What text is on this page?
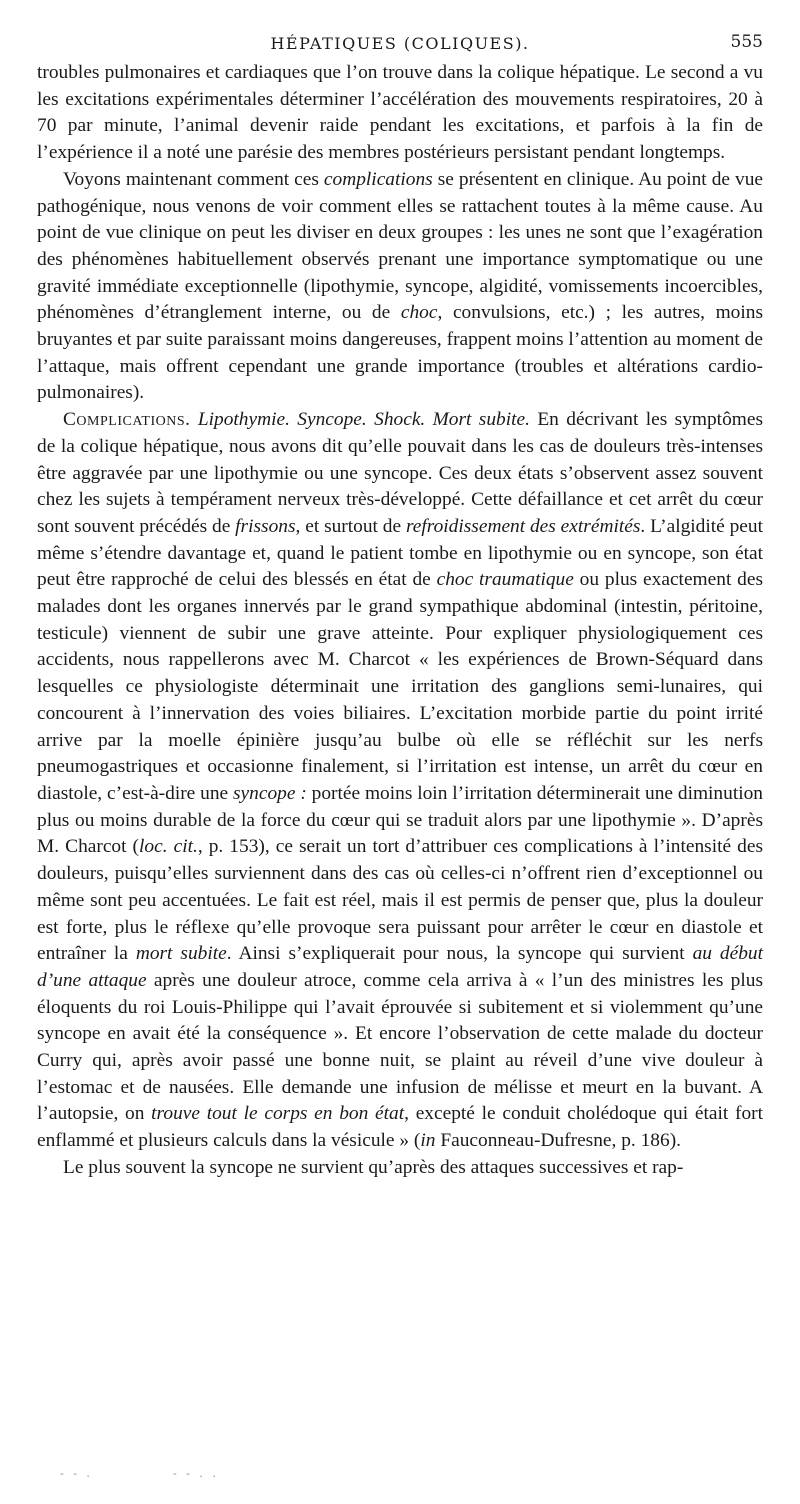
HÉPATIQUES (COLIQUES).	555

troubles pulmonaires et cardiaques que l’on trouve dans la colique hépatique. Le second a vu les excitations expérimentales déterminer l’accélération des mouvements respiratoires, 20 à 70 par minute, l’animal devenir raide pendant les excitations, et parfois à la fin de l’expérience il a noté une parésie des membres postérieurs persistant pendant longtemps.

Voyons maintenant comment ces complications se présentent en clinique. Au point de vue pathogénique, nous venons de voir comment elles se rattachent toutes à la même cause. Au point de vue clinique on peut les diviser en deux groupes : les unes ne sont que l’exagération des phénomènes habituellement observés prenant une importance symptomatique ou une gravité immédiate exceptionnelle (lipothymie, syncope, algidité, vomissements incoercibles, phénomènes d’étranglement interne, ou de choc, convulsions, etc.) ; les autres, moins bruyantes et par suite paraissant moins dangereuses, frappent moins l’attention au moment de l’attaque, mais offrent cependant une grande importance (troubles et altérations cardio-pulmonaires).

Complications. Lipothymie. Syncope. Shock. Mort subite. En décrivant les symptômes de la colique hépatique, nous avons dit qu’elle pouvait dans les cas de douleurs très-intenses être aggravée par une lipothymie ou une syncope. Ces deux états s’observent assez souvent chez les sujets à tempérament nerveux très-développé. Cette défaillance et cet arrêt du cœur sont souvent précédés de frissons, et surtout de refroidissement des extrémités. L’algidité peut même s’étendre davantage et, quand le patient tombe en lipothymie ou en syncope, son état peut être rapproché de celui des blessés en état de choc traumatique ou plus exactement des malades dont les organes innervés par le grand sympathique abdominal (intestin, péritoine, testicule) viennent de subir une grave atteinte. Pour expliquer physiologiquement ces accidents, nous rappellerons avec M. Charcot « les expériences de Brown-Séquard dans lesquelles ce physiologiste déterminait une irritation des ganglions semi-lunaires, qui concourent à l’innervation des voies biliaires. L’excitation morbide partie du point irrité arrive par la moelle épinière jusqu’au bulbe où elle se réfléchit sur les nerfs pneumogastriques et occasionne finalement, si l’irritation est intense, un arrêt du cœur en diastole, c’est-à-dire une syncope : portée moins loin l’irritation déterminerait une diminution plus ou moins durable de la force du cœur qui se traduit alors par une lipothymie ». D’après M. Charcot (loc. cit., p. 153), ce serait un tort d’attribuer ces complications à l’intensité des douleurs, puisqu’elles surviennent dans des cas où celles-ci n’offrent rien d’exceptionnel ou même sont peu accentuées. Le fait est réel, mais il est permis de penser que, plus la douleur est forte, plus le réflexe qu’elle provoque sera puissant pour arrêter le cœur en diastole et entraîner la mort subite. Ainsi s’expliquerait pour nous, la syncope qui survient au début d’une attaque après une douleur atroce, comme cela arriva à « l’un des ministres les plus éloquents du roi Louis-Philippe qui l’avait éprouvée si subitement et si violemment qu’une syncope en avait été la conséquence ». Et encore l’observation de cette malade du docteur Curry qui, après avoir passé une bonne nuit, se plaint au réveil d’une vive douleur à l’estomac et de nausées. Elle demande une infusion de mélisse et meurt en la buvant. A l’autopsie, on trouve tout le corps en bon état, excepté le conduit cholédoque qui était fort enflammé et plusieurs calculs dans la vésicule » (in Fauconneau-Dufresne, p. 186).

Le plus souvent la syncope ne survient qu’après des attaques successives et rap-

- - .	- - . .
